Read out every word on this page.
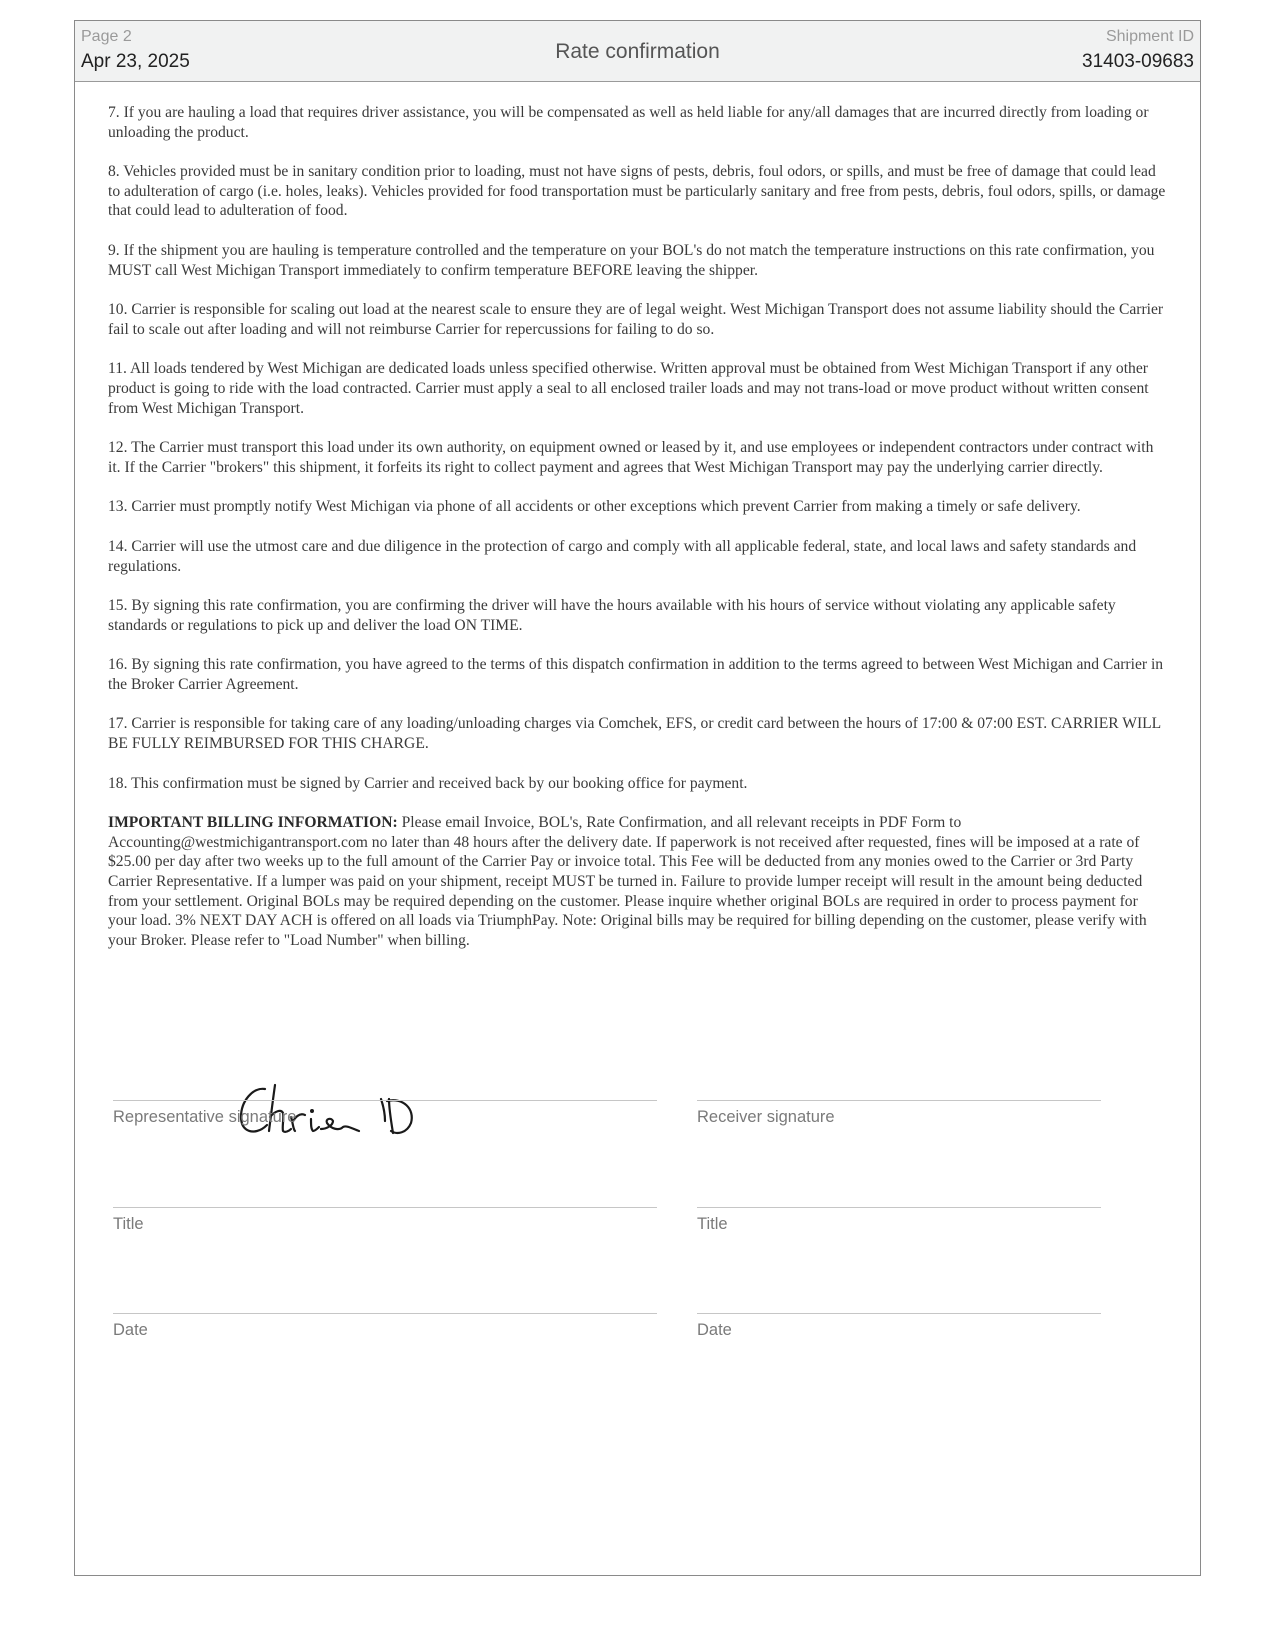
Page 2
Apr 23, 2025	Rate confirmation
Shipment ID
31403-09683

7. If you are hauling a load that requires driver assistance, you will be compensated as well as held liable for any/all damages that are incurred directly from loading or unloading the product.

8. Vehicles provided must be in sanitary condition prior to loading, must not have signs of pests, debris, foul odors, or spills, and must be free of damage that could lead to adulteration of cargo (i.e. holes, leaks). Vehicles provided for food transportation must be particularly sanitary and free from pests, debris, foul odors, spills, or damage that could lead to adulteration of food.

9. If the shipment you are hauling is temperature controlled and the temperature on your BOL's do not match the temperature instructions on this rate confirmation, you MUST call West Michigan Transport immediately to confirm temperature BEFORE leaving the shipper.

10. Carrier is responsible for scaling out load at the nearest scale to ensure they are of legal weight. West Michigan Transport does not assume liability should the Carrier fail to scale out after loading and will not reimburse Carrier for repercussions for failing to do so.

11. All loads tendered by West Michigan are dedicated loads unless specified otherwise. Written approval must be obtained from West Michigan Transport if any other product is going to ride with the load contracted. Carrier must apply a seal to all enclosed trailer loads and may not trans-load or move product without written consent from West Michigan Transport.

12. The Carrier must transport this load under its own authority, on equipment owned or leased by it, and use employees or independent contractors under contract with it. If the Carrier "brokers" this shipment, it forfeits its right to collect payment and agrees that West Michigan Transport may pay the underlying carrier directly.

13. Carrier must promptly notify West Michigan via phone of all accidents or other exceptions which prevent Carrier from making a timely or safe delivery.

14. Carrier will use the utmost care and due diligence in the protection of cargo and comply with all applicable federal, state, and local laws and safety standards and regulations.

15. By signing this rate confirmation, you are confirming the driver will have the hours available with his hours of service without violating any applicable safety standards or regulations to pick up and deliver the load ON TIME.

16. By signing this rate confirmation, you have agreed to the terms of this dispatch confirmation in addition to the terms agreed to between West Michigan and Carrier in the Broker Carrier Agreement.

17. Carrier is responsible for taking care of any loading/unloading charges via Comchek, EFS, or credit card between the hours of 17:00 & 07:00 EST. CARRIER WILL BE FULLY REIMBURSED FOR THIS CHARGE.

18. This confirmation must be signed by Carrier and received back by our booking office for payment.

IMPORTANT BILLING INFORMATION: Please email Invoice, BOL's, Rate Confirmation, and all relevant receipts in PDF Form to Accounting@westmichigantransport.com no later than 48 hours after the delivery date. If paperwork is not received after requested, fines will be imposed at a rate of $25.00 per day after two weeks up to the full amount of the Carrier Pay or invoice total. This Fee will be deducted from any monies owed to the Carrier or 3rd Party Carrier Representative. If a lumper was paid on your shipment, receipt MUST be turned in. Failure to provide lumper receipt will result in the amount being deducted from your settlement. Original BOLs may be required depending on the customer. Please inquire whether original BOLs are required in order to process payment for your load. 3% NEXT DAY ACH is offered on all loads via TriumphPay. Note: Original bills may be required for billing depending on the customer, please verify with your Broker. Please refer to "Load Number" when billing.

Representative signature	Receiver signature
Title	Title
Date	Date
